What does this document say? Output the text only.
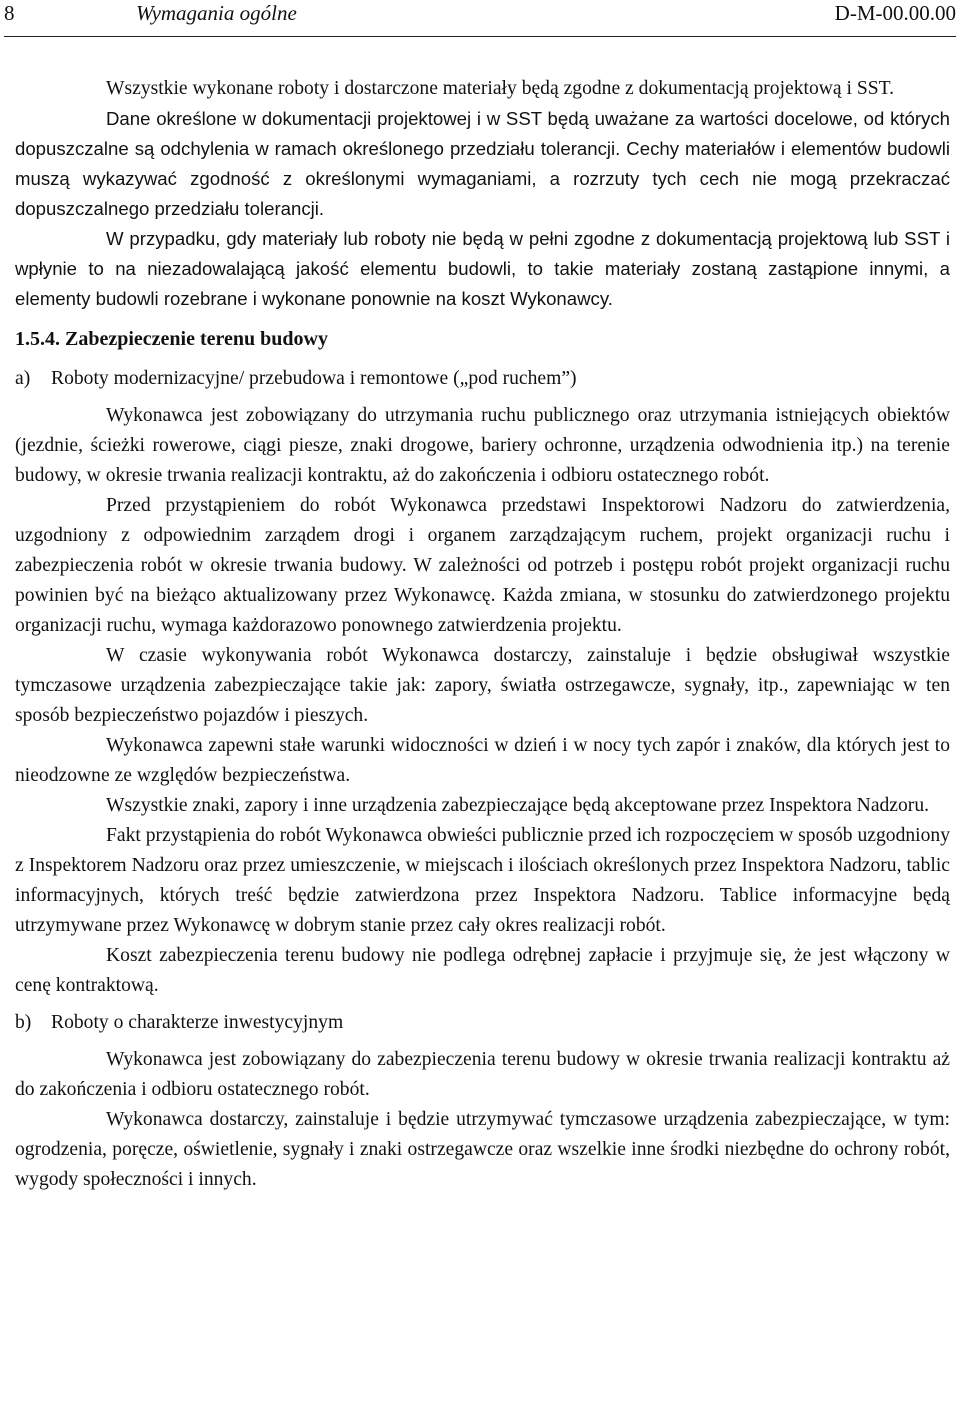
8	Wymagania ogólne	D-M-00.00.00

Wszystkie wykonane roboty i dostarczone materiały będą zgodne z dokumentacją projektową i SST.

Dane określone w dokumentacji projektowej i w SST będą uważane za wartości docelowe, od których dopuszczalne są odchylenia w ramach określonego przedziału tolerancji. Cechy materiałów i elementów budowli muszą wykazywać zgodność z określonymi wymaganiami, a rozrzuty tych cech nie mogą przekraczać dopuszczalnego przedziału tolerancji.

W przypadku, gdy materiały lub roboty nie będą w pełni zgodne z dokumentacją projektową lub SST i wpłynie to na niezadowalającą jakość elementu budowli, to takie materiały zostaną zastąpione innymi, a elementy budowli rozebrane i wykonane ponownie na koszt Wykonawcy.

1.5.4. Zabezpieczenie terenu budowy

a) Roboty modernizacyjne/ przebudowa i remontowe („pod ruchem”)

Wykonawca jest zobowiązany do utrzymania ruchu publicznego oraz utrzymania istniejących obiektów (jezdnie, ścieżki rowerowe, ciągi piesze, znaki drogowe, bariery ochronne, urządzenia odwodnienia itp.) na terenie budowy, w okresie trwania realizacji kontraktu, aż do zakończenia i odbioru ostatecznego robót.

Przed przystąpieniem do robót Wykonawca przedstawi Inspektorowi Nadzoru do zatwierdzenia, uzgodniony z odpowiednim zarządem drogi i organem zarządzającym ruchem, projekt organizacji ruchu i zabezpieczenia robót w okresie trwania budowy. W zależności od potrzeb i postępu robót projekt organizacji ruchu powinien być na bieżąco aktualizowany przez Wykonawcę. Każda zmiana, w stosunku do zatwierdzonego projektu organizacji ruchu, wymaga każdorazowo ponownego zatwierdzenia projektu.

W czasie wykonywania robót Wykonawca dostarczy, zainstaluje i będzie obsługiwał wszystkie tymczasowe urządzenia zabezpieczające takie jak: zapory, światła ostrzegawcze, sygnały, itp., zapewniając w ten sposób bezpieczeństwo pojazdów i pieszych.

Wykonawca zapewni stałe warunki widoczności w dzień i w nocy tych zapór i znaków, dla których jest to nieodzowne ze względów bezpieczeństwa.

Wszystkie znaki, zapory i inne urządzenia zabezpieczające będą akceptowane przez Inspektora Nadzoru.

Fakt przystąpienia do robót Wykonawca obwieści publicznie przed ich rozpoczęciem w sposób uzgodniony z Inspektorem Nadzoru oraz przez umieszczenie, w miejscach i ilościach określonych przez Inspektora Nadzoru, tablic informacyjnych, których treść będzie zatwierdzona przez Inspektora Nadzoru. Tablice informacyjne będą utrzymywane przez Wykonawcę w dobrym stanie przez cały okres realizacji robót.

Koszt zabezpieczenia terenu budowy nie podlega odrębnej zapłacie i przyjmuje się, że jest włączony w cenę kontraktową.

b) Roboty o charakterze inwestycyjnym

Wykonawca jest zobowiązany do zabezpieczenia terenu budowy w okresie trwania realizacji kontraktu aż do zakończenia i odbioru ostatecznego robót.

Wykonawca dostarczy, zainstaluje i będzie utrzymywać tymczasowe urządzenia zabezpieczające, w tym: ogrodzenia, poręcze, oświetlenie, sygnały i znaki ostrzegawcze oraz wszelkie inne środki niezbędne do ochrony robót, wygody społeczności i innych.
